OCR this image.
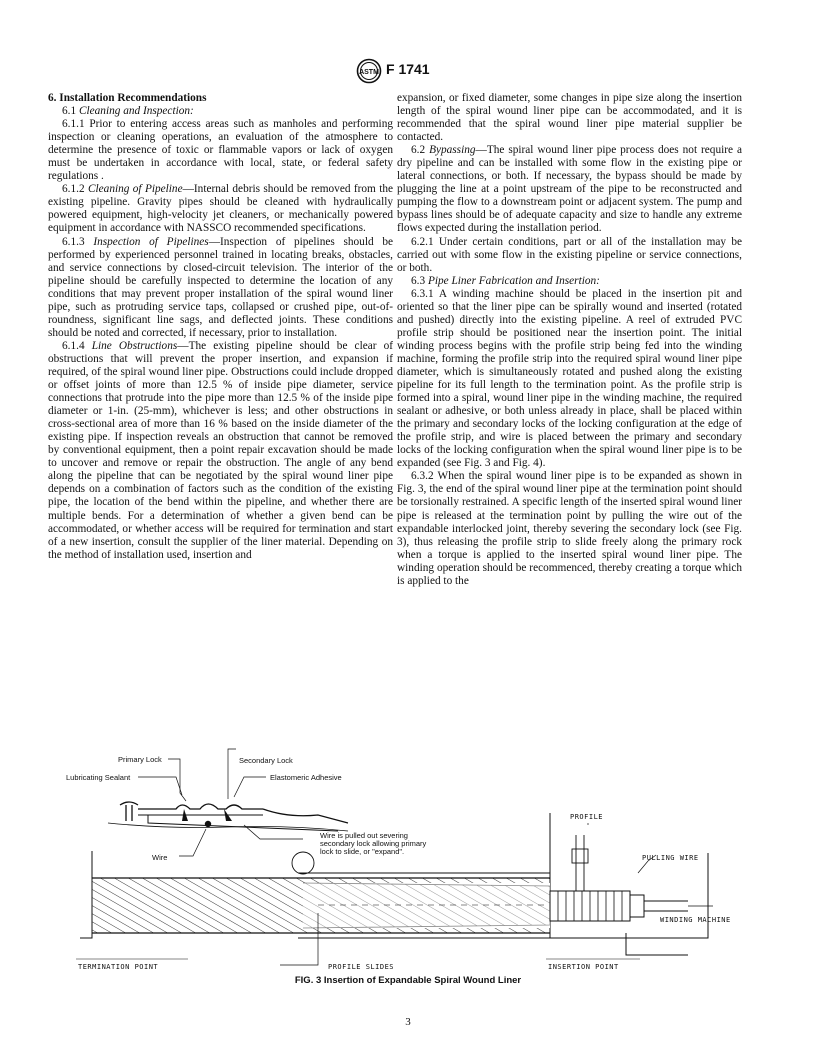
ASTM F 1741
6. Installation Recommendations

6.1 Cleaning and Inspection:

6.1.1 Prior to entering access areas such as manholes and performing inspection or cleaning operations, an evaluation of the atmosphere to determine the presence of toxic or flammable vapors or lack of oxygen must be undertaken in accordance with local, state, or federal safety regulations .

6.1.2 Cleaning of Pipeline—Internal debris should be removed from the existing pipeline. Gravity pipes should be cleaned with hydraulically powered equipment, high-velocity jet cleaners, or mechanically powered equipment in accordance with NASSCO recommended specifications.

6.1.3 Inspection of Pipelines—Inspection of pipelines should be performed by experienced personnel trained in locating breaks, obstacles, and service connections by closed-circuit television. The interior of the pipeline should be carefully inspected to determine the location of any conditions that may prevent proper installation of the spiral wound liner pipe, such as protruding service taps, collapsed or crushed pipe, out-of-roundness, significant line sags, and deflected joints. These conditions should be noted and corrected, if necessary, prior to installation.

6.1.4 Line Obstructions—The existing pipeline should be clear of obstructions that will prevent the proper insertion, and expansion if required, of the spiral wound liner pipe. Obstructions could include dropped or offset joints of more than 12.5 % of inside pipe diameter, service connections that protrude into the pipe more than 12.5 % of the inside pipe diameter or 1-in. (25-mm), whichever is less; and other obstructions in cross-sectional area of more than 16 % based on the inside diameter of the existing pipe. If inspection reveals an obstruction that cannot be removed by conventional equipment, then a point repair excavation should be made to uncover and remove or repair the obstruction. The angle of any bend along the pipeline that can be negotiated by the spiral wound liner pipe depends on a combination of factors such as the condition of the existing pipe, the location of the bend within the pipeline, and whether there are multiple bends. For a determination of whether a given bend can be accommodated, or whether access will be required for termination and start of a new insertion, consult the supplier of the liner material. Depending on the method of installation used, insertion and

expansion, or fixed diameter, some changes in pipe size along the insertion length of the spiral wound liner pipe can be accommodated, and it is recommended that the spiral wound liner pipe material supplier be contacted.

6.2 Bypassing—The spiral wound liner pipe process does not require a dry pipeline and can be installed with some flow in the existing pipe or lateral connections, or both. If necessary, the bypass should be made by plugging the line at a point upstream of the pipe to be reconstructed and pumping the flow to a downstream point or adjacent system. The pump and bypass lines should be of adequate capacity and size to handle any extreme flows expected during the installation period.

6.2.1 Under certain conditions, part or all of the installation may be carried out with some flow in the existing pipeline or service connections, or both.

6.3 Pipe Liner Fabrication and Insertion:

6.3.1 A winding machine should be placed in the insertion pit and oriented so that the liner pipe can be spirally wound and inserted (rotated and pushed) directly into the existing pipeline. A reel of extruded PVC profile strip should be positioned near the insertion point. The initial winding process begins with the profile strip being fed into the winding machine, forming the profile strip into the required spiral wound liner pipe diameter, which is simultaneously rotated and pushed along the existing pipeline for its full length to the termination point. As the profile strip is formed into a spiral, wound liner pipe in the winding machine, the required sealant or adhesive, or both unless already in place, shall be placed within the primary and secondary locks of the locking configuration at the edge of the profile strip, and wire is placed between the primary and secondary locks of the locking configuration when the spiral wound liner pipe is to be expanded (see Fig. 3 and Fig. 4).

6.3.2 When the spiral wound liner pipe is to be expanded as shown in Fig. 3, the end of the spiral wound liner pipe at the termination point should be torsionally restrained. A specific length of the inserted spiral wound liner pipe is released at the termination point by pulling the wire out of the expandable interlocked joint, thereby severing the secondary lock (see Fig. 3), thus releasing the profile strip to slide freely along the primary rock when a torque is applied to the inserted spiral wound liner pipe. The winding operation should be recommenced, thereby creating a torque which is applied to the

Primary Lock	Secondary Lock
Lubricating Sealant	Elastomeric Adhesive
Wire is pulled out severing
secondary lock allowing primary
lock to slide, or "expand".
Wire
PROFILE
PULLING WIRE
WINDING MACHINE
TERMINATION POINT	PROFILE SLIDES	INSERTION POINT
FIG. 3 Insertion of Expandable Spiral Wound Liner
3
